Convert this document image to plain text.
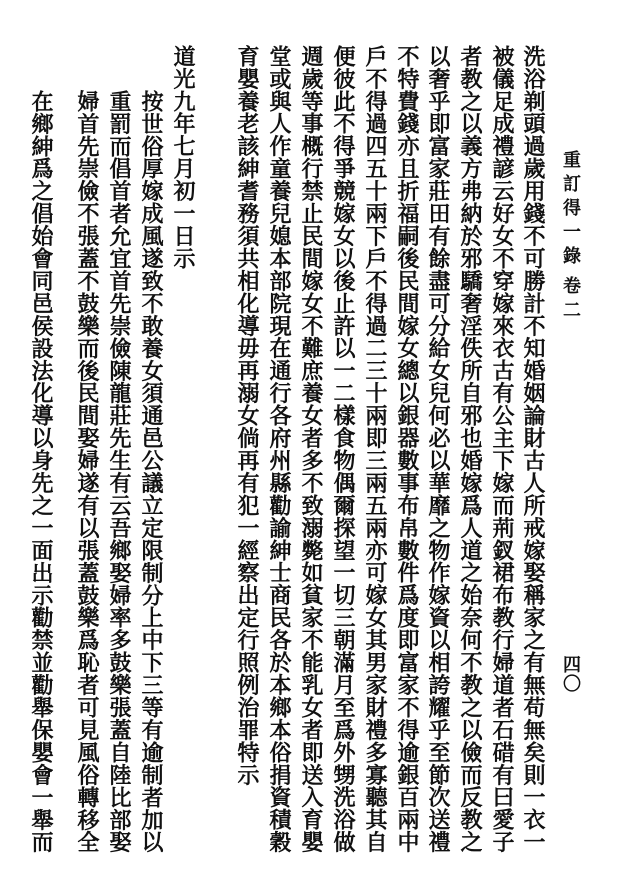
重訂得一錄
卷二
四〇
洗浴剃頭過歲用錢不可勝計不知婚姻論財古人所戒嫁娶稱家之有無苟無矣則一衣一
被儀足成禮諺云好女不穿嫁來衣古有公主下嫁而荊釵裙布教行婦道者石碏有曰愛子
者教之以義方弗納於邪驕奢淫佚所自邪也婚嫁爲人道之始奈何不教之以儉而反教之
以奢乎即富家莊田有餘盡可分給女兒何必以華靡之物作嫁資以相誇耀乎至節次送禮
不特費錢亦且折福嗣後民間嫁女總以銀器數事布帛數件爲度即富家不得逾銀百兩中
戶不得過四五十兩下戶不得過二三十兩即三兩五兩亦可嫁女其男家財禮多寡聽其自
便彼此不得爭競嫁女以後止許以一二樣食物偶爾探望一切三朝滿月至爲外甥洗浴做
週歲等事概行禁止民間嫁女不難庶養女者多不致溺斃如貧家不能乳女者即送入育嬰
堂或與人作童養兒媳本部院現在通行各府州縣勸諭紳士商民各於本鄉本俗捐資積穀
育嬰養老該紳耆務須共相化導毋再溺女倘再有犯一經察出定行照例治罪特示
道光九年七月初一日示
按世俗厚嫁成風遂致不敢養女須通邑公議立定限制分上中下三等有逾制者加以
重罰而倡首者允宜首先崇儉陳龍莊先生有云吾鄉娶婦率多鼓樂張蓋自陸比部娶
婦首先崇儉不張蓋不鼓樂而後民間娶婦遂有以張蓋鼓樂爲恥者可見風俗轉移全
在鄉紳爲之倡始會同邑侯設法化導以身先之一面出示勸禁並勸舉保嬰會一舉而
